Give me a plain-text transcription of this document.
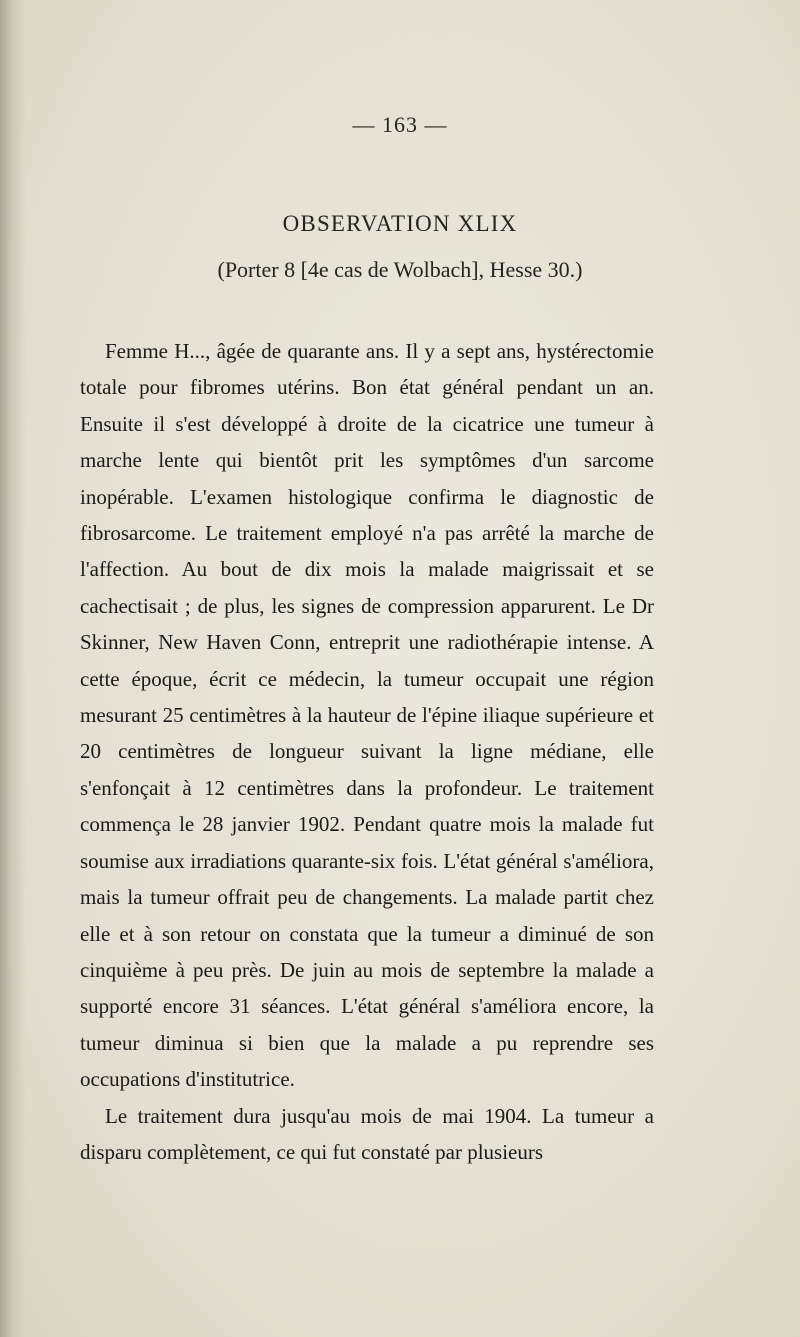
— 163 —
OBSERVATION XLIX
(Porter 8 [4e cas de Wolbach], Hesse 30.)

Femme H..., âgée de quarante ans. Il y a sept ans, hystérectomie totale pour fibromes utérins. Bon état général pendant un an. Ensuite il s'est développé à droite de la cicatrice une tumeur à marche lente qui bientôt prit les symptômes d'un sarcome inopérable. L'examen histologique confirma le diagnostic de fibrosarcome. Le traitement employé n'a pas arrêté la marche de l'affection. Au bout de dix mois la malade maigrissait et se cachectisait ; de plus, les signes de compression apparurent. Le Dr Skinner, New Haven Conn, entreprit une radiothérapie intense. A cette époque, écrit ce médecin, la tumeur occupait une région mesurant 25 centimètres à la hauteur de l'épine iliaque supérieure et 20 centimètres de longueur suivant la ligne médiane, elle s'enfonçait à 12 centimètres dans la profondeur. Le traitement commença le 28 janvier 1902. Pendant quatre mois la malade fut soumise aux irradiations quarante-six fois. L'état général s'améliora, mais la tumeur offrait peu de changements. La malade partit chez elle et à son retour on constata que la tumeur a diminué de son cinquième à peu près. De juin au mois de septembre la malade a supporté encore 31 séances. L'état général s'améliora encore, la tumeur diminua si bien que la malade a pu reprendre ses occupations d'institutrice.

Le traitement dura jusqu'au mois de mai 1904. La tumeur a disparu complètement, ce qui fut constaté par plusieurs
